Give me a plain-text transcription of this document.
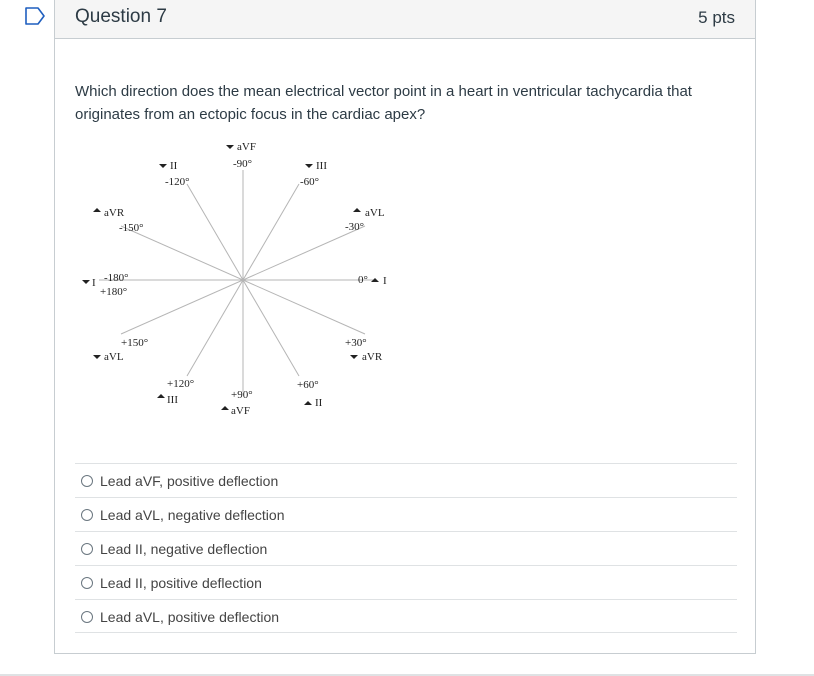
Question 7	5 pts
Which direction does the mean electrical vector point in a heart in ventricular tachycardia that originates from an ectopic focus in the cardiac apex?
aVF
-90°
II
-120°
III
-60°
aVR
-150°
aVL
-30°
I -180°
+180°
0° I
+150°
aVL
+30°
aVR
+120°
III	+90°
aVF
+60°
II
Lead aVF, positive deflection
Lead aVL, negative deflection
Lead II, negative deflection
Lead II, positive deflection
Lead aVL, positive deflection
